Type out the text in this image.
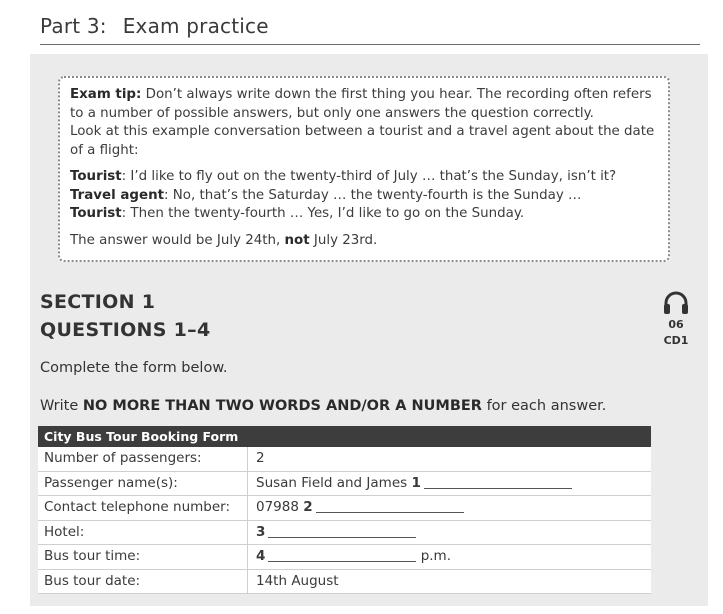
Part 3: Exam practice

Exam tip: Don’t always write down the first thing you hear. The recording often refers to a number of possible answers, but only one answers the question correctly.

Look at this example conversation between a tourist and a travel agent about the date of a flight:

Tourist: I’d like to fly out on the twenty-third of July … that’s the Sunday, isn’t it?

Travel agent: No, that’s the Saturday … the twenty-fourth is the Sunday …

Tourist: Then the twenty-fourth … Yes, I’d like to go on the Sunday.

The answer would be July 24th, not July 23rd.

SECTION 1
QUESTIONS 1–4	06
CD1
Complete the form below.
Write NO MORE THAN TWO WORDS AND/OR A NUMBER for each answer.
City Bus Tour Booking Form
Number of passengers:	2
Passenger name(s):	Susan Field and James 1
Contact telephone number:	07988 2
Hotel:	3
Bus tour time:	4	p.m.
Bus tour date:	14th August
